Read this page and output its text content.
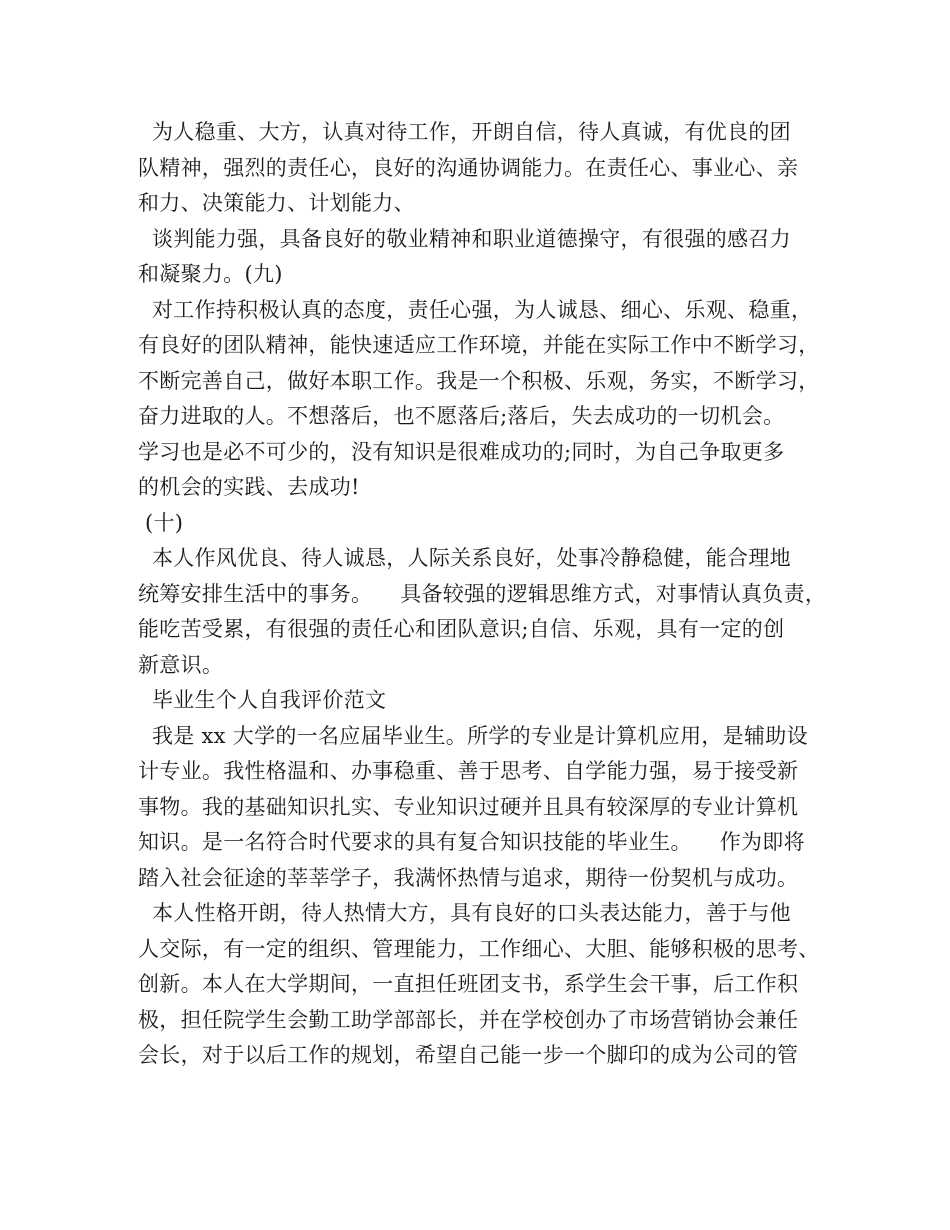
为人稳重、大方，认真对待工作，开朗自信，待人真诚，有优良的团
队精神，强烈的责任心，良好的沟通协调能力。在责任心、事业心、亲
和力、决策能力、计划能力、
谈判能力强，具备良好的敬业精神和职业道德操守，有很强的感召力
和凝聚力。(九)
对工作持积极认真的态度，责任心强，为人诚恳、细心、乐观、稳重，
有良好的团队精神，能快速适应工作环境，并能在实际工作中不断学习，
不断完善自己，做好本职工作。我是一个积极、乐观，务实，不断学习，
奋力进取的人。不想落后，也不愿落后;落后，失去成功的一切机会。
学习也是必不可少的，没有知识是很难成功的;同时，为自己争取更多
的机会的实践、去成功!
(十)
本人作风优良、待人诚恳，人际关系良好，处事冷静稳健，能合理地
统筹安排生活中的事务。    具备较强的逻辑思维方式，对事情认真负责，
能吃苦受累，有很强的责任心和团队意识;自信、乐观，具有一定的创
新意识。
毕业生个人自我评价范文
我是 xx 大学的一名应届毕业生。所学的专业是计算机应用，是辅助设
计专业。我性格温和、办事稳重、善于思考、自学能力强，易于接受新
事物。我的基础知识扎实、专业知识过硬并且具有较深厚的专业计算机
知识。是一名符合时代要求的具有复合知识技能的毕业生。    作为即将
踏入社会征途的莘莘学子，我满怀热情与追求，期待一份契机与成功。
本人性格开朗，待人热情大方，具有良好的口头表达能力，善于与他
人交际，有一定的组织、管理能力，工作细心、大胆、能够积极的思考、
创新。本人在大学期间，一直担任班团支书，系学生会干事，后工作积
极，担任院学生会勤工助学部部长，并在学校创办了市场营销协会兼任
会长，对于以后工作的规划，希望自己能一步一个脚印的成为公司的管
